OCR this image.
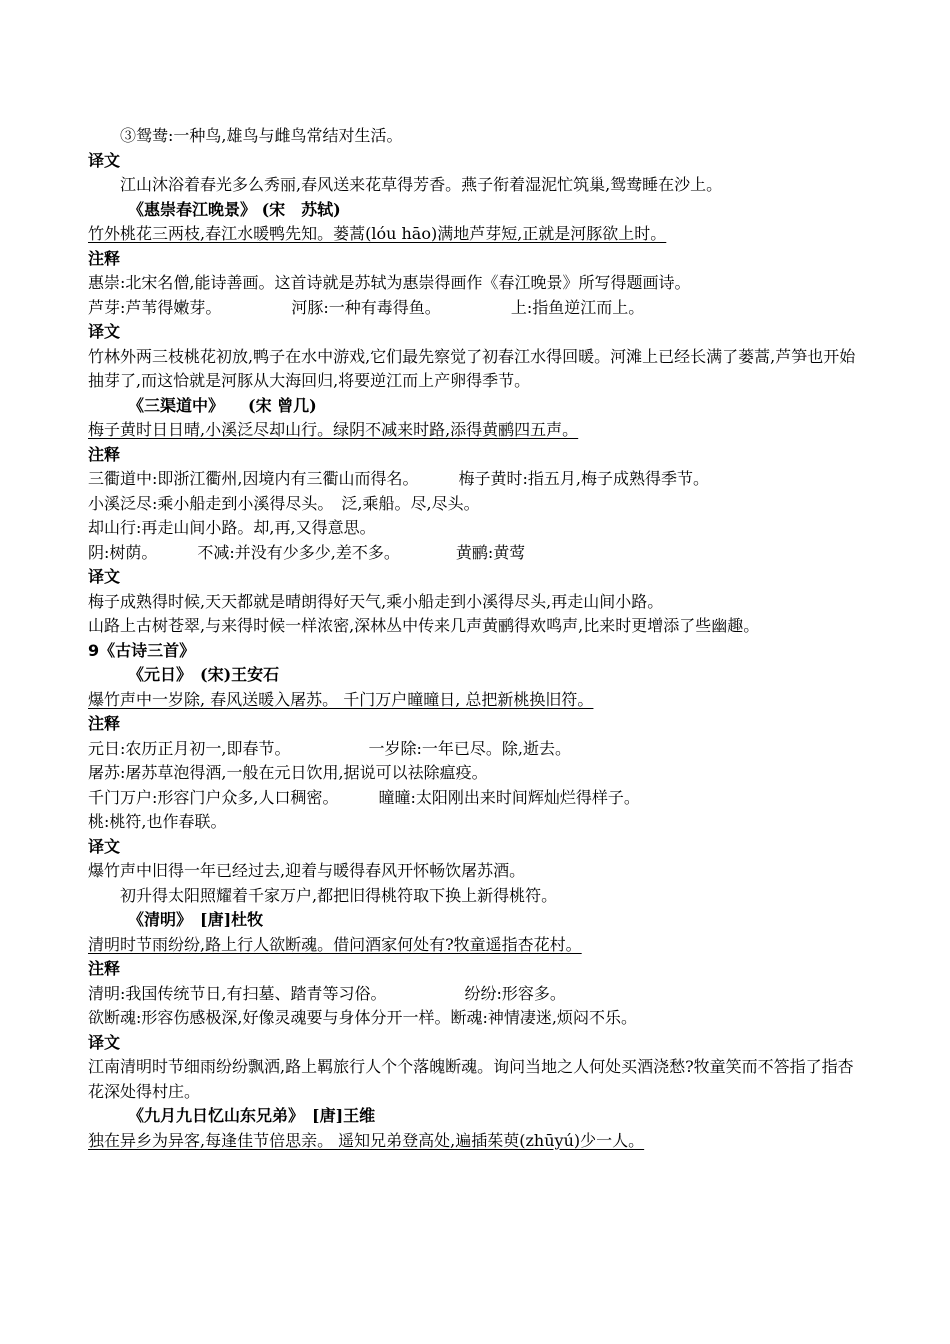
③鸳鸯:一种鸟,雄鸟与雌鸟常结对生活。
译文
江山沐浴着春光多么秀丽,春风送来花草得芳香。燕子衔着湿泥忙筑巢,鸳鸯睡在沙上。
《惠崇春江晚景》 (宋　苏轼)
竹外桃花三两枝,春江水暖鸭先知。蒌蒿(lóu hāo)满地芦芽短,正就是河豚欲上时。
注释
惠崇:北宋名僧,能诗善画。这首诗就是苏轼为惠崇得画作《春江晚景》所写得题画诗。
芦芽:芦苇得嫩芽。	河豚:一种有毒得鱼。	上:指鱼逆江而上。
译文
竹林外两三枝桃花初放,鸭子在水中游戏,它们最先察觉了初春江水得回暖。河滩上已经长满了蒌蒿,芦笋也开始抽芽了,而这恰就是河豚从大海回归,将要逆江而上产卵得季节。
《三渠道中》　　(宋 曾几)
梅子黄时日日晴,小溪泛尽却山行。绿阴不减来时路,添得黄鹂四五声。
注释
三衢道中:即浙江衢州,因境内有三衢山而得名。	梅子黄时:指五月,梅子成熟得季节。
小溪泛尽:乘小船走到小溪得尽头。　泛,乘船。尽,尽头。
却山行:再走山间小路。却,再,又得意思。
阴:树荫。	不减:并没有少多少,差不多。	黄鹂:黄莺
译文
梅子成熟得时候,天天都就是晴朗得好天气,乘小船走到小溪得尽头,再走山间小路。
山路上古树苍翠,与来得时候一样浓密,深林丛中传来几声黄鹂得欢鸣声,比来时更增添了些幽趣。
9《古诗三首》
《元日》　(宋)王安石
爆竹声中一岁除, 春风送暖入屠苏。 千门万户曈曈日, 总把新桃换旧符。
注释
元日:农历正月初一,即春节。	一岁除:一年已尽。除,逝去。
屠苏:屠苏草泡得酒,一般在元日饮用,据说可以祛除瘟疫。
千门万户:形容门户众多,人口稠密。	曈曈:太阳刚出来时间辉灿烂得样子。
桃:桃符,也作春联。
译文
爆竹声中旧得一年已经过去,迎着与暖得春风开怀畅饮屠苏酒。
初升得太阳照耀着千家万户,都把旧得桃符取下换上新得桃符。
《清明》　[唐]杜牧
清明时节雨纷纷,路上行人欲断魂。借问酒家何处有?牧童遥指杏花村。
注释
清明:我国传统节日,有扫墓、踏青等习俗。	纷纷:形容多。
欲断魂:形容伤感极深,好像灵魂要与身体分开一样。断魂:神情凄迷,烦闷不乐。
译文
江南清明时节细雨纷纷飘洒,路上羁旅行人个个落魄断魂。询问当地之人何处买酒浇愁?牧童笑而不答指了指杏花深处得村庄。
《九月九日忆山东兄弟》　[唐]王维
独在异乡为异客,每逢佳节倍思亲。 遥知兄弟登高处,遍插茱萸(zhūyú)少一人。
